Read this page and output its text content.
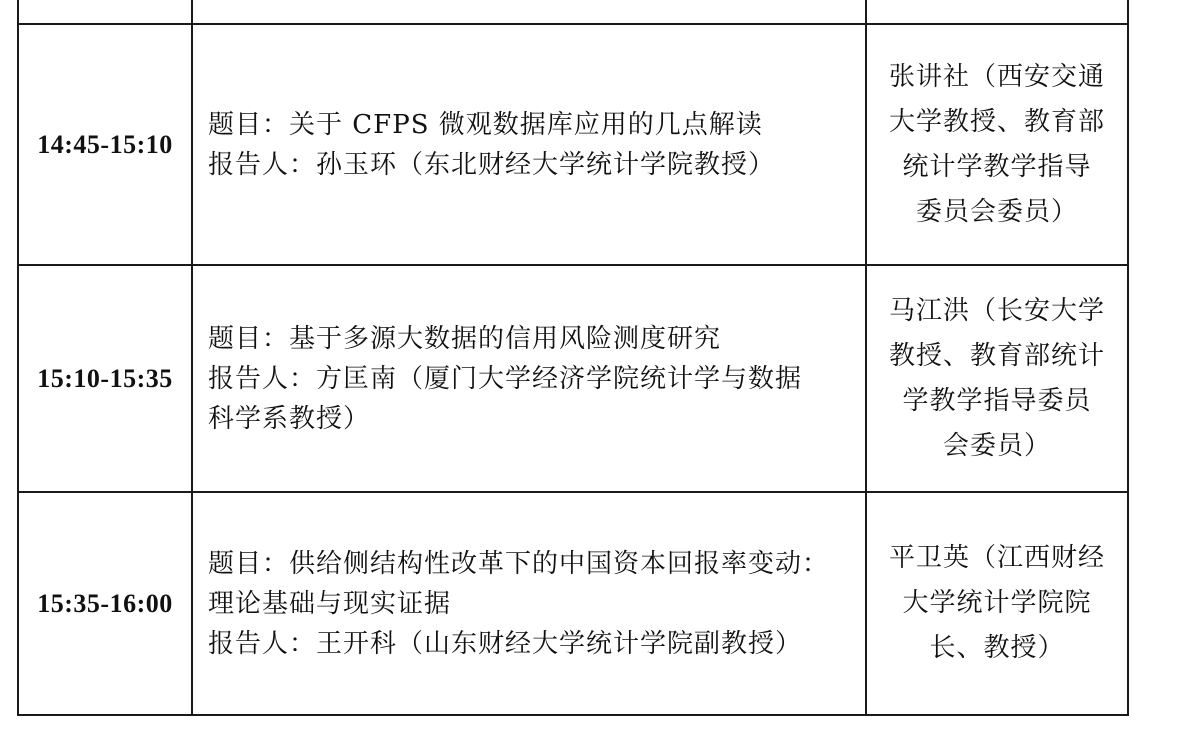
14:45-15:10	题目：关于 CFPS 微观数据库应用的几点解读
报告人：孙玉环（东北财经大学统计学院教授）	张讲社（西安交通
大学教授、教育部
统计学教学指导
委员会委员）

15:10-15:35	题目：基于多源大数据的信用风险测度研究
报告人：方匡南（厦门大学经济学院统计学与数据
科学系教授）	马江洪（长安大学
教授、教育部统计
学教学指导委员
会委员）

15:35-16:00	题目：供给侧结构性改革下的中国资本回报率变动：
理论基础与现实证据
报告人：王开科（山东财经大学统计学院副教授）	平卫英（江西财经
大学统计学院院
长、教授）
